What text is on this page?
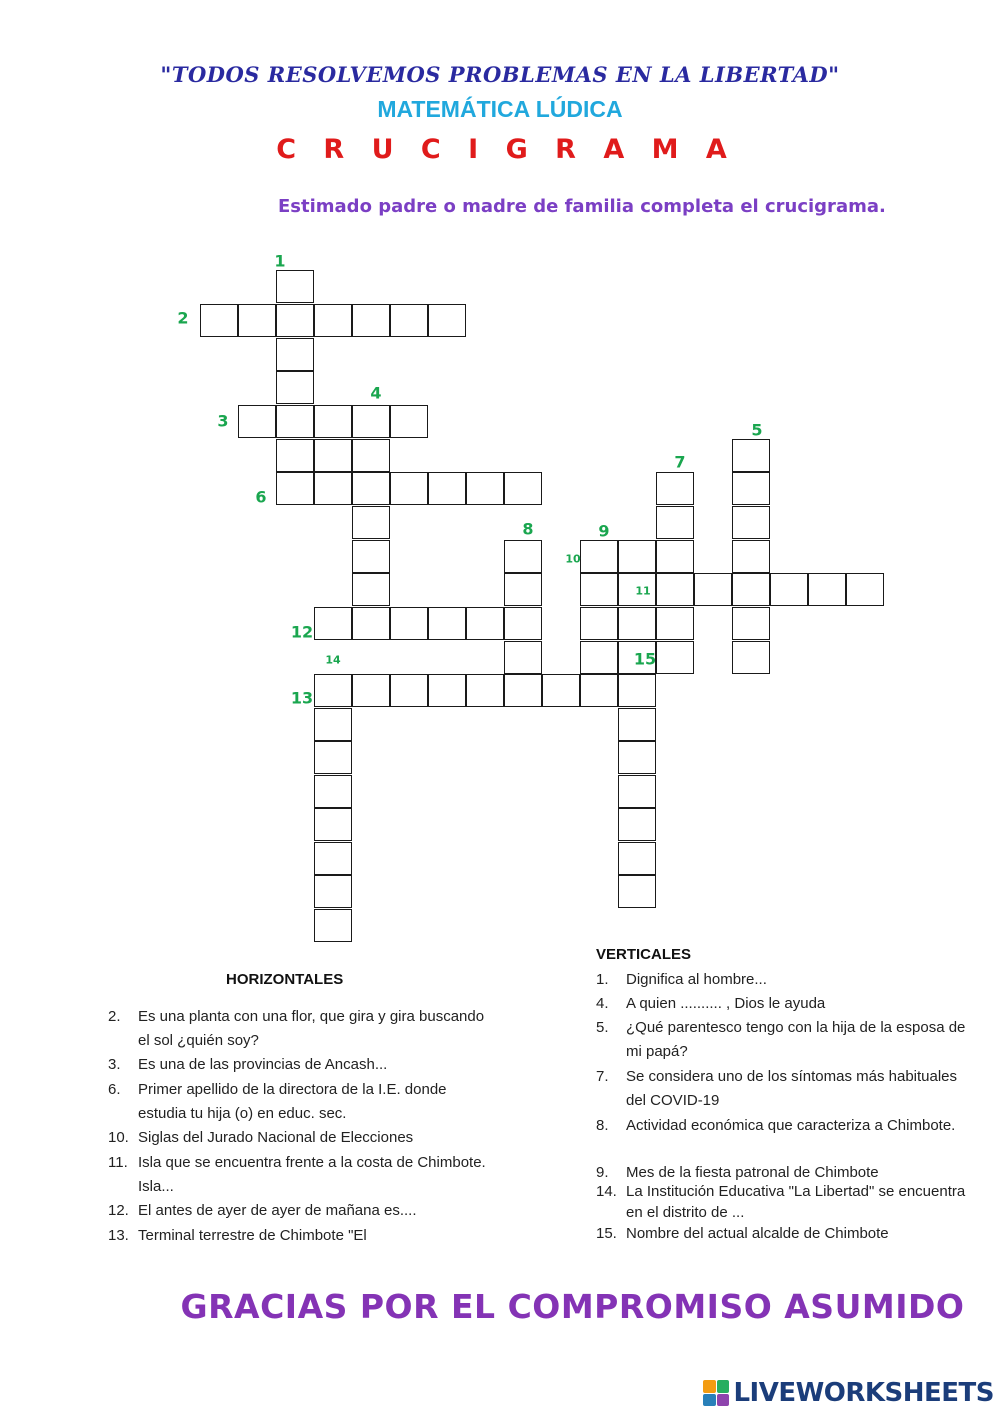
"TODOS RESOLVEMOS PROBLEMAS EN LA LIBERTAD"
MATEMÁTICA LÚDICA
C R U C I G R A M A
Estimado padre o madre de familia completa el crucigrama.
1
2
3
4
5
6
7
8	9
10
11
12
13
14	15
HORIZONTALES
2. Es una planta con una flor, que gira y gira buscando el sol ¿quién soy?
3. Es una de las provincias de Ancash...
6. Primer apellido de la directora de la I.E. donde estudia tu hija (o) en educ. sec.
10. Siglas del Jurado Nacional de Elecciones
11. Isla que se encuentra frente a la costa de Chimbote. Isla...
12. El antes de ayer de ayer de mañana es....
13. Terminal terrestre de Chimbote "El
VERTICALES
1. Dignifica al hombre...
4. A quien .......... , Dios le ayuda
5. ¿Qué parentesco tengo con la hija de la esposa de mi papá?
7. Se considera uno de los síntomas más habituales del COVID-19
8. Actividad económica que caracteriza a Chimbote.
9. Mes de la fiesta patronal de Chimbote
14. La Institución Educativa "La Libertad" se encuentra en el distrito de ...
15. Nombre del actual alcalde de Chimbote
GRACIAS POR EL COMPROMISO ASUMIDO
LIVEWORKSHEETS
